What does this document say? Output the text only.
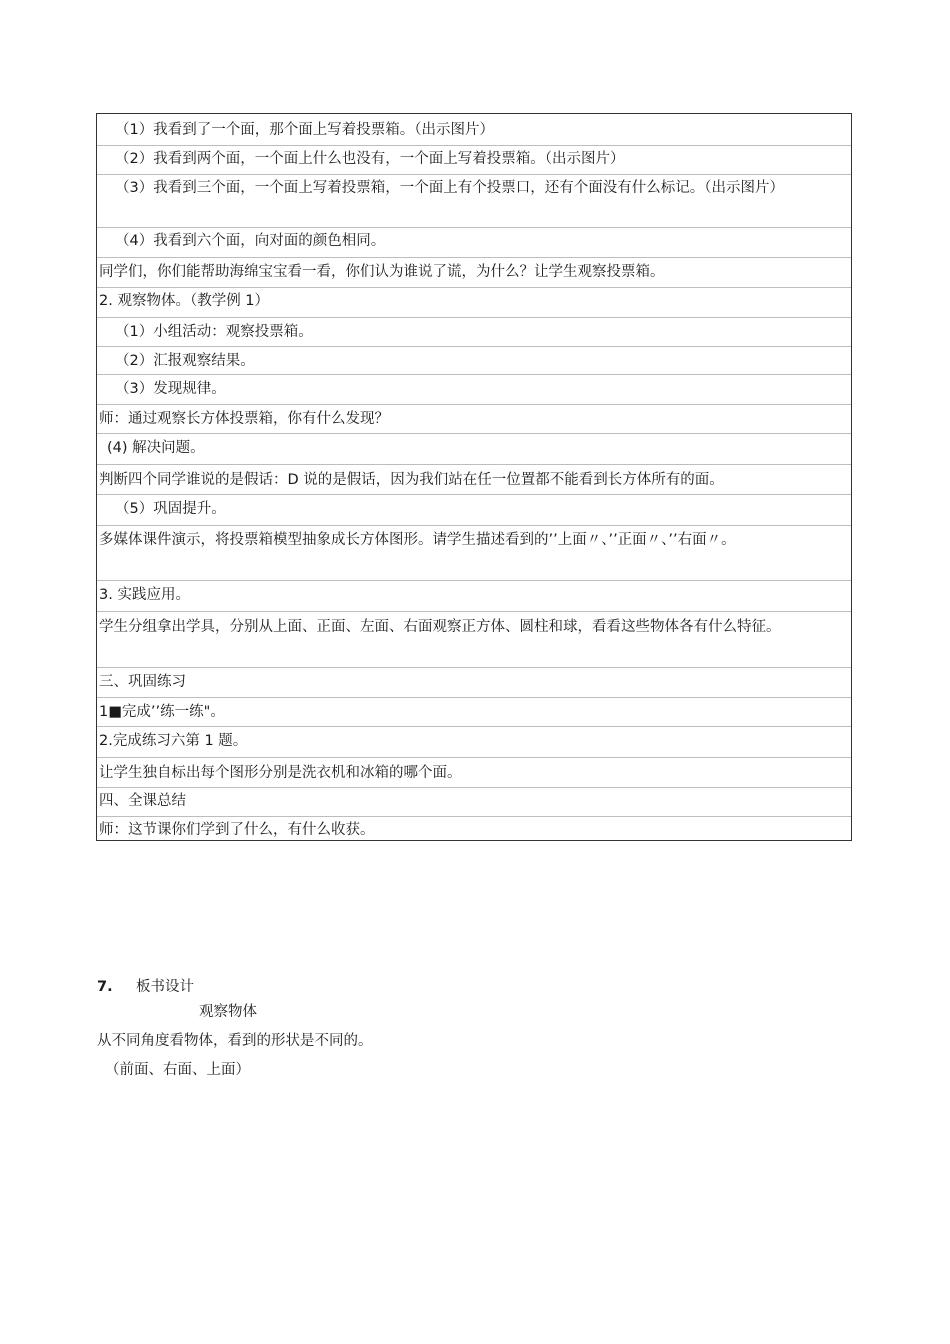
（1）我看到了一个面，那个面上写着投票箱。（出示图片）
（2）我看到两个面，一个面上什么也没有，一个面上写着投票箱。（出示图片）
（3）我看到三个面，一个面上写着投票箱，一个面上有个投票口，还有个面没有什么标记。（出示图片）
（4）我看到六个面，向对面的颜色相同。
同学们，你们能帮助海绵宝宝看一看，你们认为谁说了谎，为什么？让学生观察投票箱。
2. 观察物体。（教学例 1）
（1）小组活动：观察投票箱。
（2）汇报观察结果。
（3）发现规律。
师：通过观察长方体投票箱，你有什么发现？
(4) 解决问题。
判断四个同学谁说的是假话：D 说的是假话，因为我们站在任一位置都不能看到长方体所有的面。
（5）巩固提升。
多媒体课件演示，将投票箱模型抽象成长方体图形。请学生描述看到的’’上面〃、’’正面〃、’’右面〃。
3. 实践应用。
学生分组拿出学具，分别从上面、正面、左面、右面观察正方体、圆柱和球，看看这些物体各有什么特征。
三、巩固练习
1■完成’’练一练"。
2.完成练习六第 1 题。
让学生独自标出每个图形分别是洗衣机和冰箱的哪个面。
四、全课总结
师：这节课你们学到了什么，有什么收获。
7. 板书设计
观察物体
从不同角度看物体，看到的形状是不同的。
（前面、右面、上面）
